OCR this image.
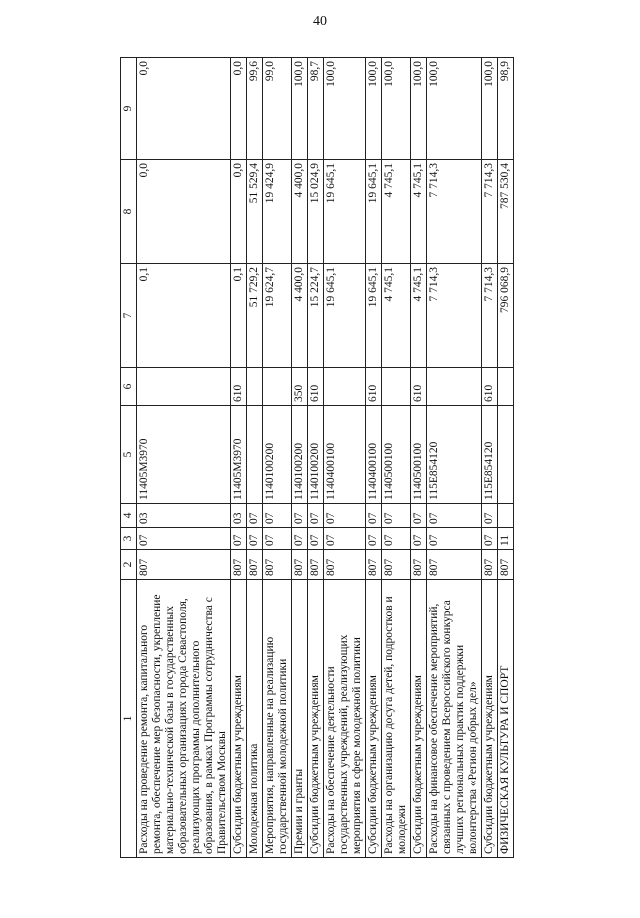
40
1	2	3	4	5	6	7	8	9
Расходы на проведение ремонта, капитального ремонта, обеспечение мер безопасности, укрепление материально-технической базы в государственных образовательных организациях города Севастополя, реализующих программы дополнительного образования, в рамках Программы сотрудничества с Правительством Москвы	807	07	03	11405М3970		0,1	0,0	0,0
Субсидии бюджетным учреждениям	807	07	03	11405М3970	610	0,1	0,0	0,0
Молодежная политика	807	07	07			51 729,2	51 529,4	99,6
Мероприятия, направленные на реализацию государственной молодежной политики	807	07	07	1140100200		19 624,7	19 424,9	99,0
Премии и гранты	807	07	07	1140100200	350	4 400,0	4 400,0	100,0
Субсидии бюджетным учреждениям	807	07	07	1140100200	610	15 224,7	15 024,9	98,7
Расходы на обеспечение деятельности государственных учреждений, реализующих мероприятия в сфере молодежной политики	807	07	07	1140400100		19 645,1	19 645,1	100,0
Субсидии бюджетным учреждениям	807	07	07	1140400100	610	19 645,1	19 645,1	100,0
Расходы на организацию досуга детей, подростков и молодежи	807	07	07	1140500100		4 745,1	4 745,1	100,0
Субсидии бюджетным учреждениям	807	07	07	1140500100	610	4 745,1	4 745,1	100,0
Расходы на финансовое обеспечение мероприятий, связанных с проведением Всероссийского конкурса лучших региональных практик поддержки волонтерства «Регион добрых дел»	807	07	07	115Е854120		7 714,3	7 714,3	100,0
Субсидии бюджетным учреждениям	807	07	07	115Е854120	610	7 714,3	7 714,3	100,0
ФИЗИЧЕСКАЯ КУЛЬТУРА И СПОРТ	807	11				796 068,9	787 530,4	98,9
